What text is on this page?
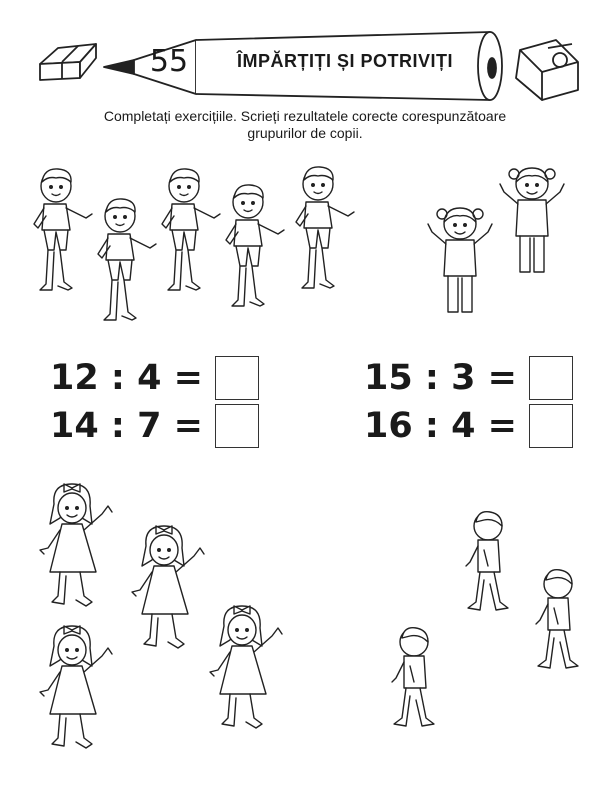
55	ÎMPĂRȚIȚI ȘI POTRIVIȚI
Completați exercițiile. Scrieți rezultatele corecte corespunzătoare
grupurilor de copii.
12 : 4 =
14 : 7 =
15 : 3 =
16 : 4 =
